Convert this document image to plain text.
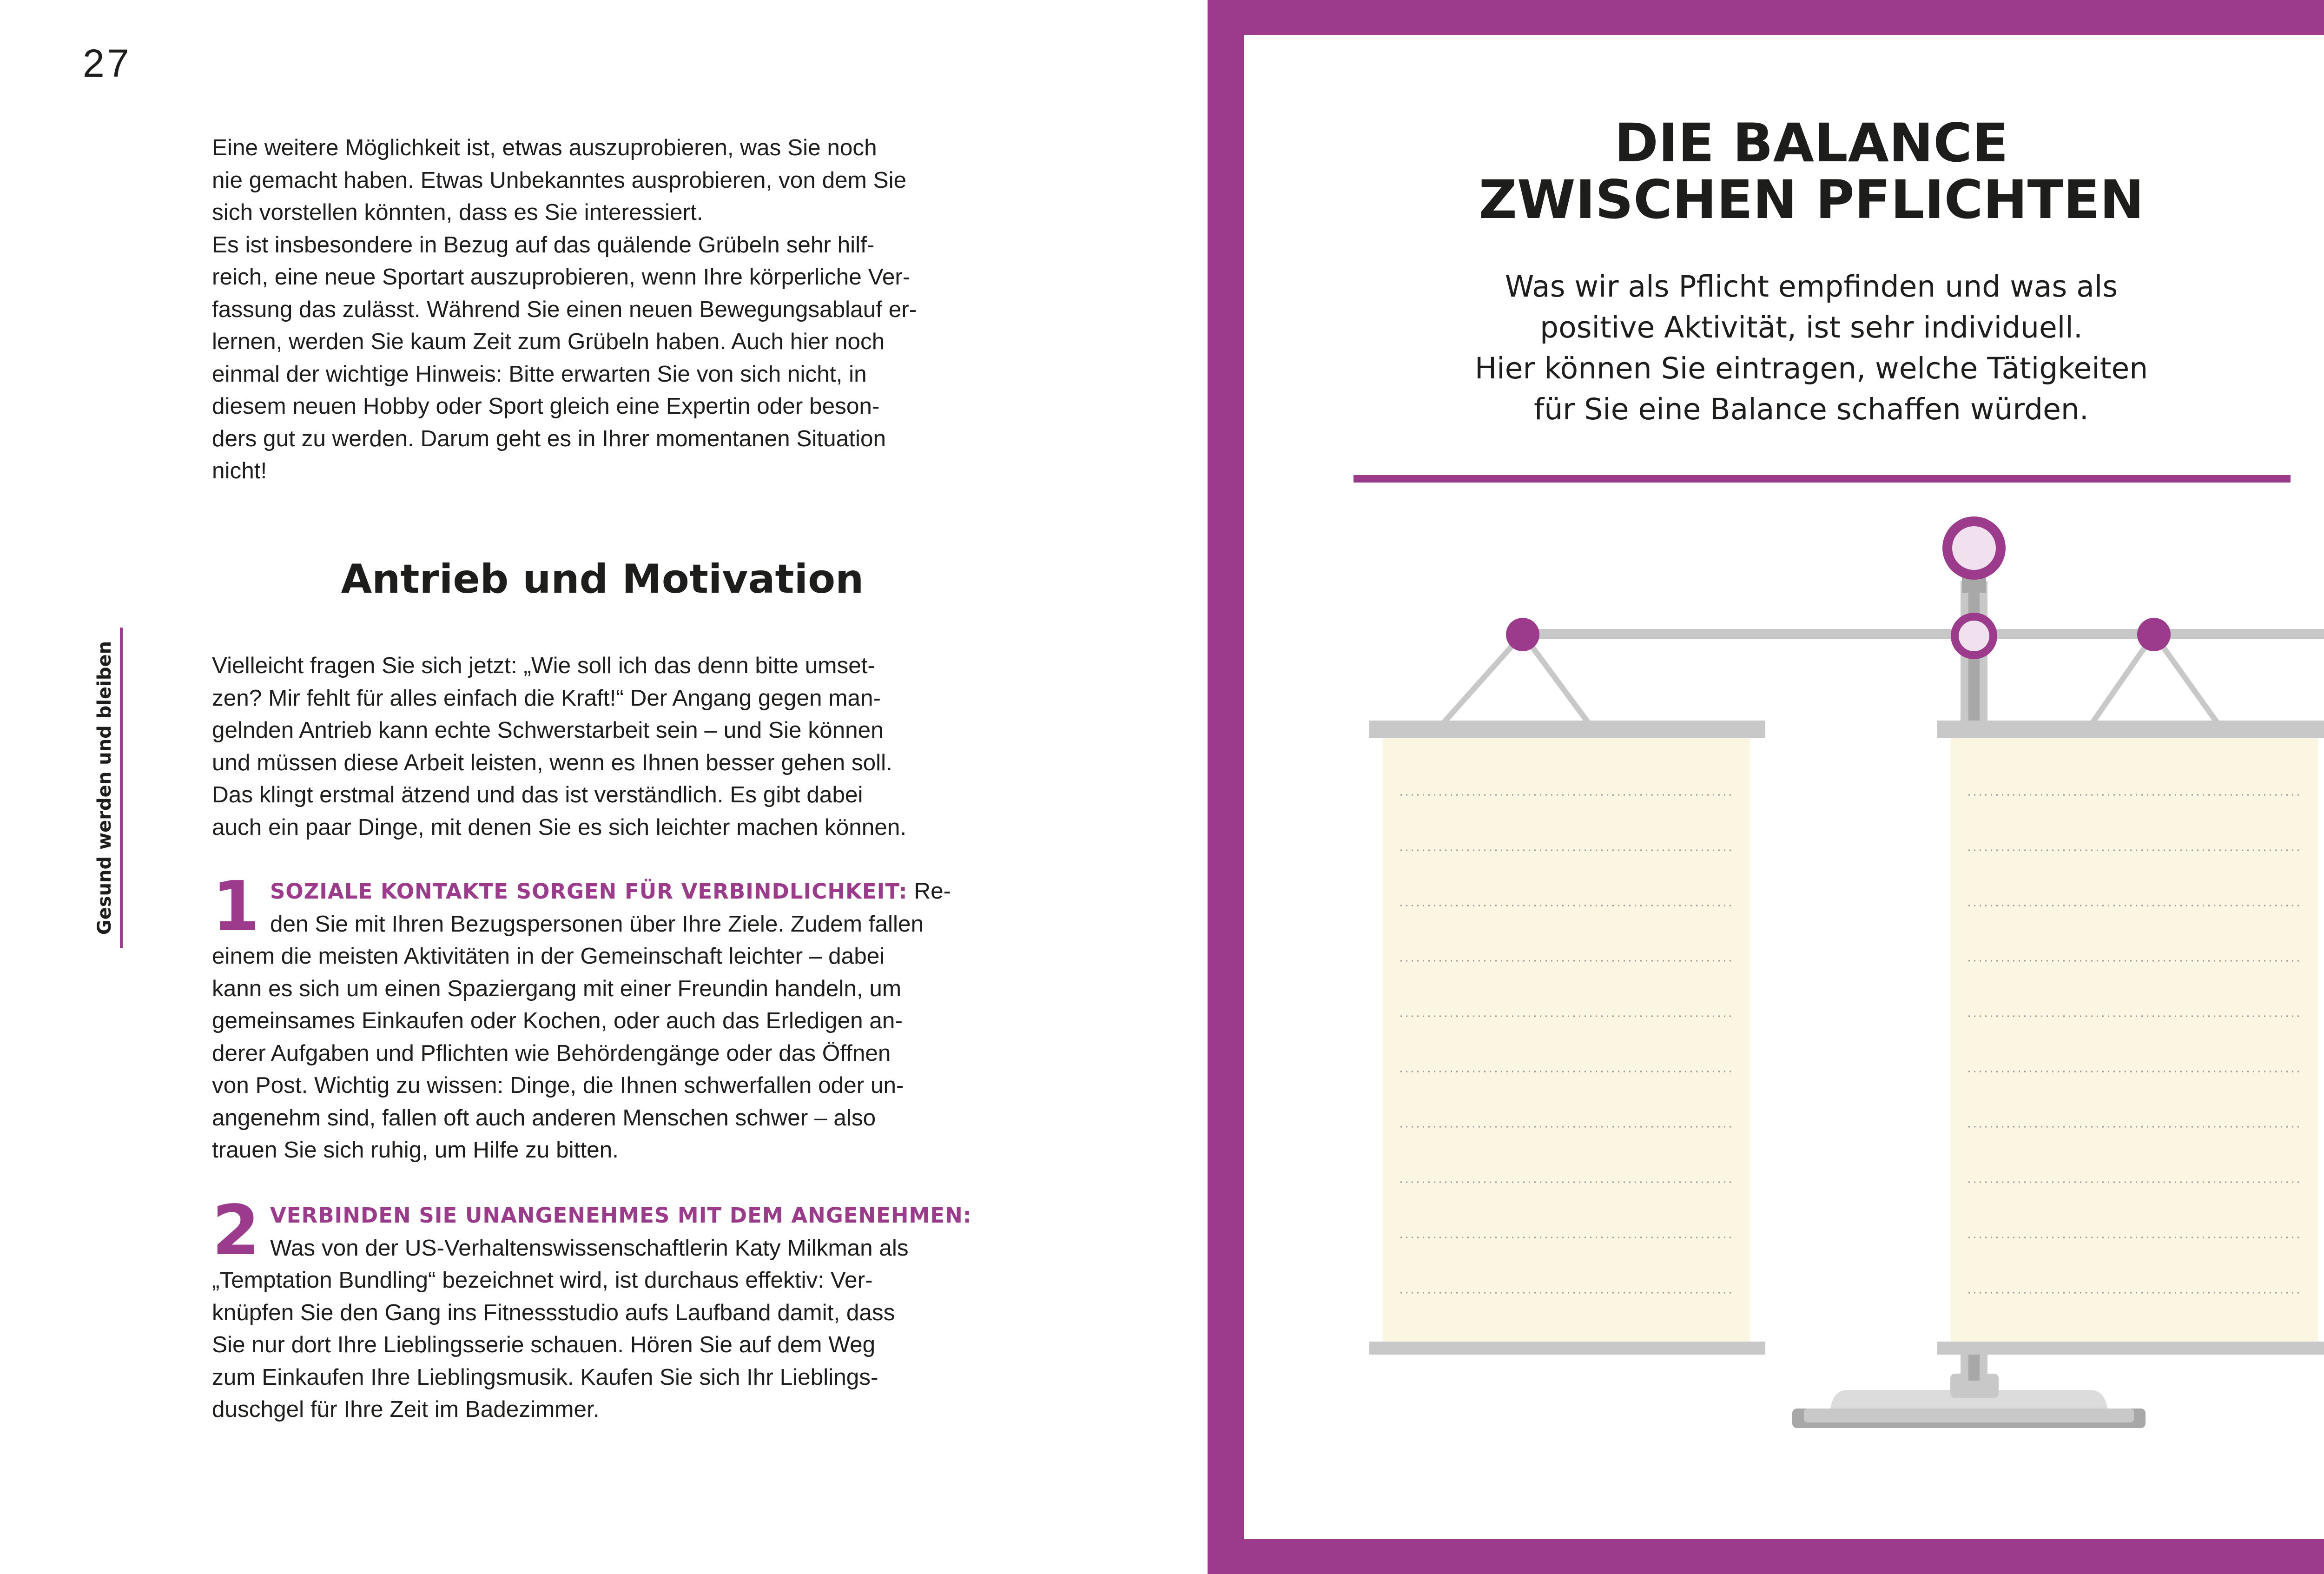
27
Gesund werden und bleiben

Eine weitere Möglichkeit ist, etwas auszuprobieren, was Sie noch

nie gemacht haben. Etwas Unbekanntes ausprobieren, von dem Sie

sich vorstellen könnten, dass es Sie interessiert.

Es ist insbesondere in Bezug auf das quälende Grübeln sehr hilf-

reich, eine neue Sportart auszuprobieren, wenn Ihre körperliche Ver-

fassung das zulässt. Während Sie einen neuen Bewegungsablauf er-

lernen, werden Sie kaum Zeit zum Grübeln haben. Auch hier noch

einmal der wichtige Hinweis: Bitte erwarten Sie von sich nicht, in

diesem neuen Hobby oder Sport gleich eine Expertin oder beson-

ders gut zu werden. Darum geht es in Ihrer momentanen Situation

nicht!

Antrieb und Motivation

Vielleicht fragen Sie sich jetzt: „Wie soll ich das denn bitte umset-

zen? Mir fehlt für alles einfach die Kraft!“ Der Angang gegen man-

gelnden Antrieb kann echte Schwerstarbeit sein – und Sie können

und müssen diese Arbeit leisten, wenn es Ihnen besser gehen soll.

Das klingt erstmal ätzend und das ist verständlich. Es gibt dabei

auch ein paar Dinge, mit denen Sie es sich leichter machen können.

1 SOZIALE KONTAKTE SORGEN FÜR VERBINDLICHKEIT: Re-
den Sie mit Ihren Bezugspersonen über Ihre Ziele. Zudem fallen
einem die meisten Aktivitäten in der Gemeinschaft leichter – dabei
kann es sich um einen Spaziergang mit einer Freundin handeln, um
gemeinsames Einkaufen oder Kochen, oder auch das Erledigen an-
derer Aufgaben und Pflichten wie Behördengänge oder das Öffnen
von Post. Wichtig zu wissen: Dinge, die Ihnen schwerfallen oder un-
angenehm sind, fallen oft auch anderen Menschen schwer – also
trauen Sie sich ruhig, um Hilfe zu bitten.
2 VERBINDEN SIE UNANGENEHMES MIT DEM ANGENEHMEN:
Was von der US-Verhaltenswissenschaftlerin Katy Milkman als
„Temptation Bundling“ bezeichnet wird, ist durchaus effektiv: Ver-
knüpfen Sie den Gang ins Fitnessstudio aufs Laufband damit, dass
Sie nur dort Ihre Lieblingsserie schauen. Hören Sie auf dem Weg
zum Einkaufen Ihre Lieblingsmusik. Kaufen Sie sich Ihr Lieblings-
duschgel für Ihre Zeit im Badezimmer.
DIE BALANCE
ZWISCHEN PFLICHTEN
Was wir als Pflicht empfinden und was als
positive Aktivität, ist sehr individuell.
Hier können Sie eintragen, welche Tätigkeiten
für Sie eine Balance schaffen würden.
